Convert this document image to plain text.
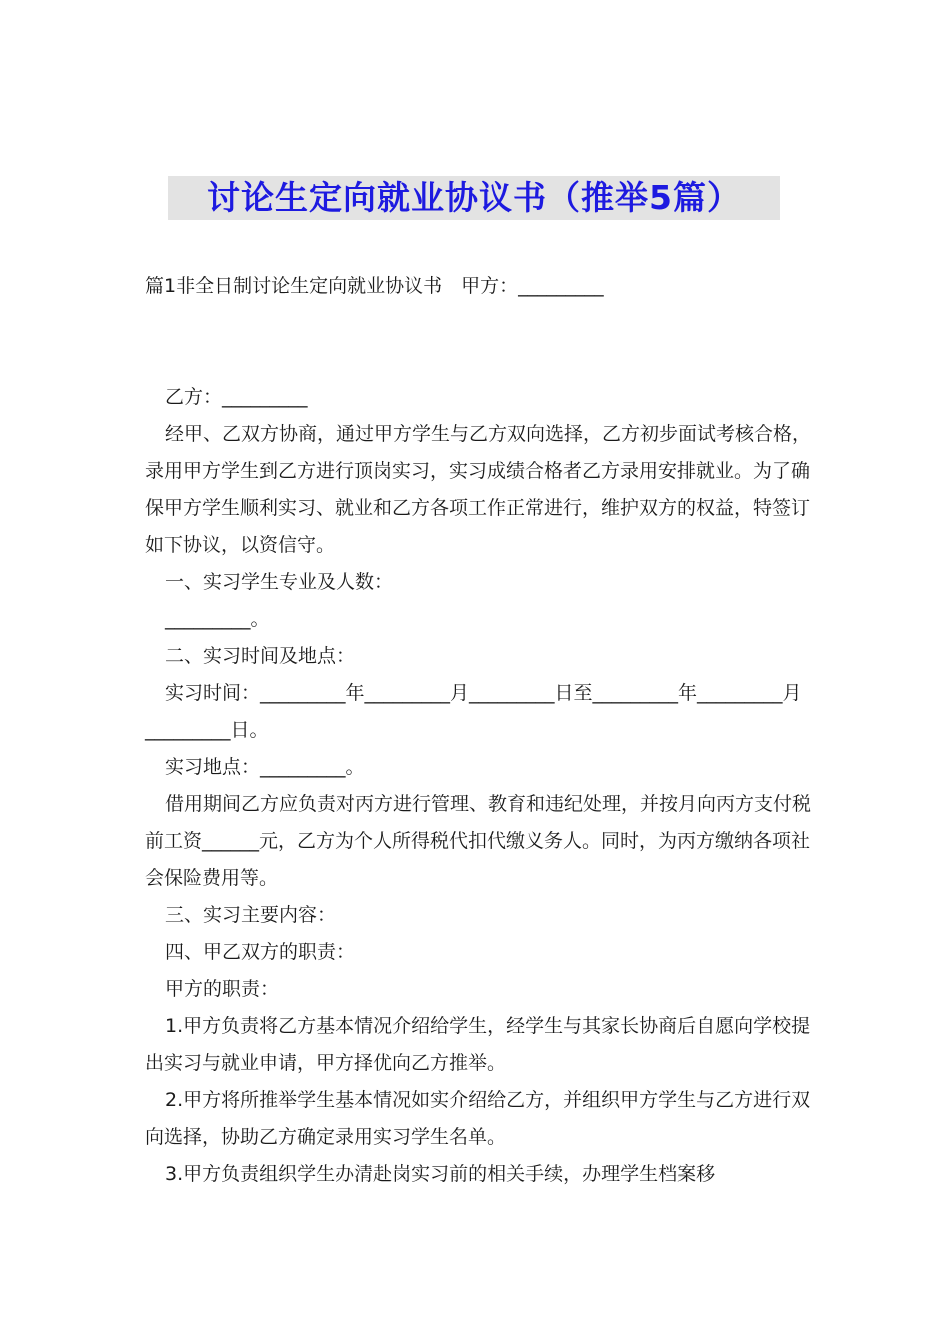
讨论生定向就业协议书（推举5篇）
篇1非全日制讨论生定向就业协议书　甲方：_________

乙方：_________

经甲、乙双方协商，通过甲方学生与乙方双向选择，乙方初步面试考核合格，录用甲方学生到乙方进行顶岗实习，实习成绩合格者乙方录用安排就业。为了确保甲方学生顺利实习、就业和乙方各项工作正常进行，维护双方的权益，特签订如下协议，以资信守。

一、实习学生专业及人数：

_________。

二、实习时间及地点：

实习时间：_________年_________月_________日至_________年_________月_________日。

实习地点：_________。

借用期间乙方应负责对丙方进行管理、教育和违纪处理，并按月向丙方支付税前工资______元，乙方为个人所得税代扣代缴义务人。同时，为丙方缴纳各项社会保险费用等。

三、实习主要内容：

四、甲乙双方的职责：

甲方的职责：

1.甲方负责将乙方基本情况介绍给学生，经学生与其家长协商后自愿向学校提出实习与就业申请，甲方择优向乙方推举。

2.甲方将所推举学生基本情况如实介绍给乙方，并组织甲方学生与乙方进行双向选择，协助乙方确定录用实习学生名单。

3.甲方负责组织学生办清赴岗实习前的相关手续，办理学生档案移
